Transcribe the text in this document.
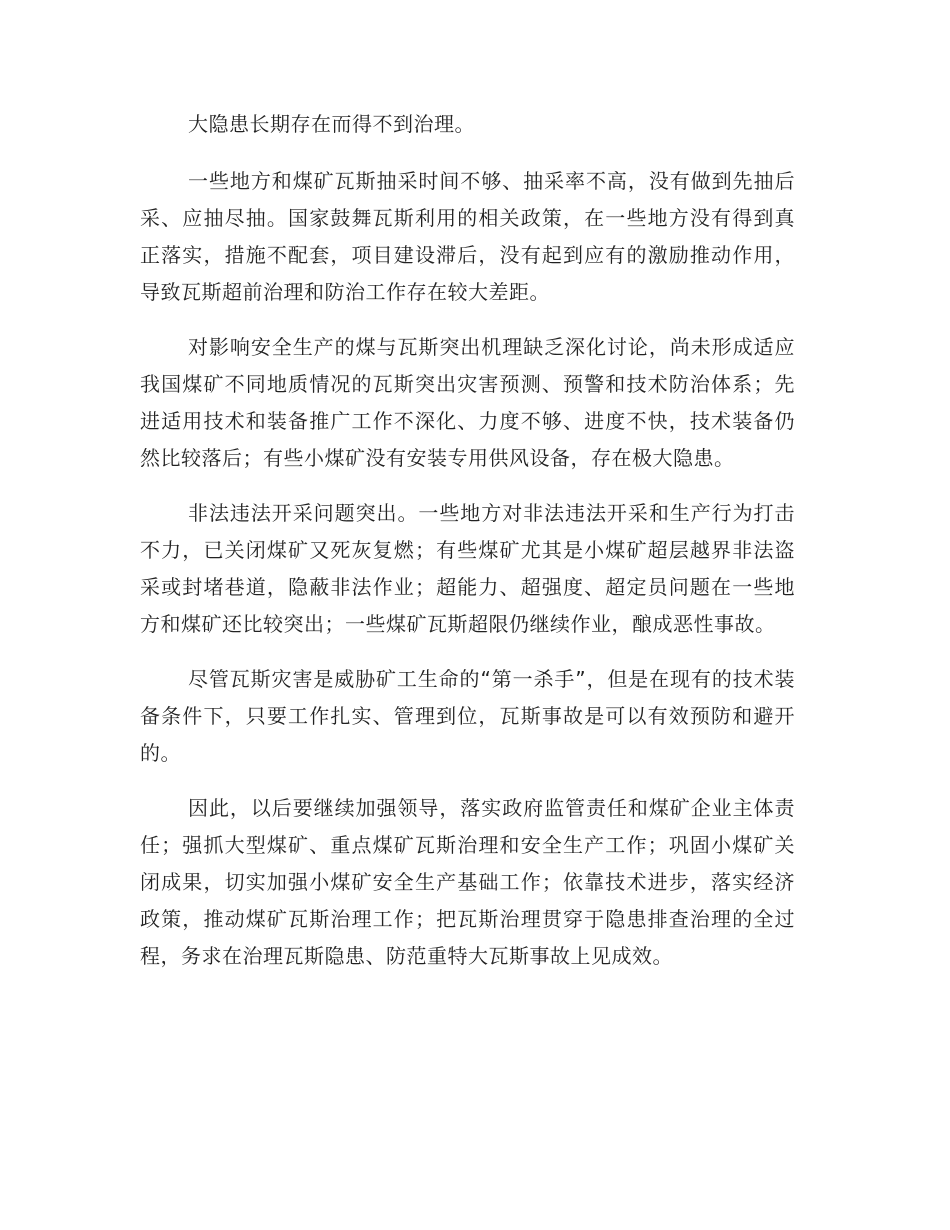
大隐患长期存在而得不到治理。

一些地方和煤矿瓦斯抽采时间不够、抽采率不高，没有做到先抽后采、应抽尽抽。国家鼓舞瓦斯利用的相关政策，在一些地方没有得到真正落实，措施不配套，项目建设滞后，没有起到应有的激励推动作用，导致瓦斯超前治理和防治工作存在较大差距。

对影响安全生产的煤与瓦斯突出机理缺乏深化讨论，尚未形成适应我国煤矿不同地质情况的瓦斯突出灾害预测、预警和技术防治体系；先进适用技术和装备推广工作不深化、力度不够、进度不快，技术装备仍然比较落后；有些小煤矿没有安装专用供风设备，存在极大隐患。

非法违法开采问题突出。一些地方对非法违法开采和生产行为打击不力，已关闭煤矿又死灰复燃；有些煤矿尤其是小煤矿超层越界非法盗采或封堵巷道，隐蔽非法作业；超能力、超强度、超定员问题在一些地方和煤矿还比较突出；一些煤矿瓦斯超限仍继续作业，酿成恶性事故。

尽管瓦斯灾害是威胁矿工生命的“第一杀手”，但是在现有的技术装备条件下，只要工作扎实、管理到位，瓦斯事故是可以有效预防和避开的。

因此，以后要继续加强领导，落实政府监管责任和煤矿企业主体责任；强抓大型煤矿、重点煤矿瓦斯治理和安全生产工作；巩固小煤矿关闭成果，切实加强小煤矿安全生产基础工作；依靠技术进步，落实经济政策，推动煤矿瓦斯治理工作；把瓦斯治理贯穿于隐患排查治理的全过程，务求在治理瓦斯隐患、防范重特大瓦斯事故上见成效。
